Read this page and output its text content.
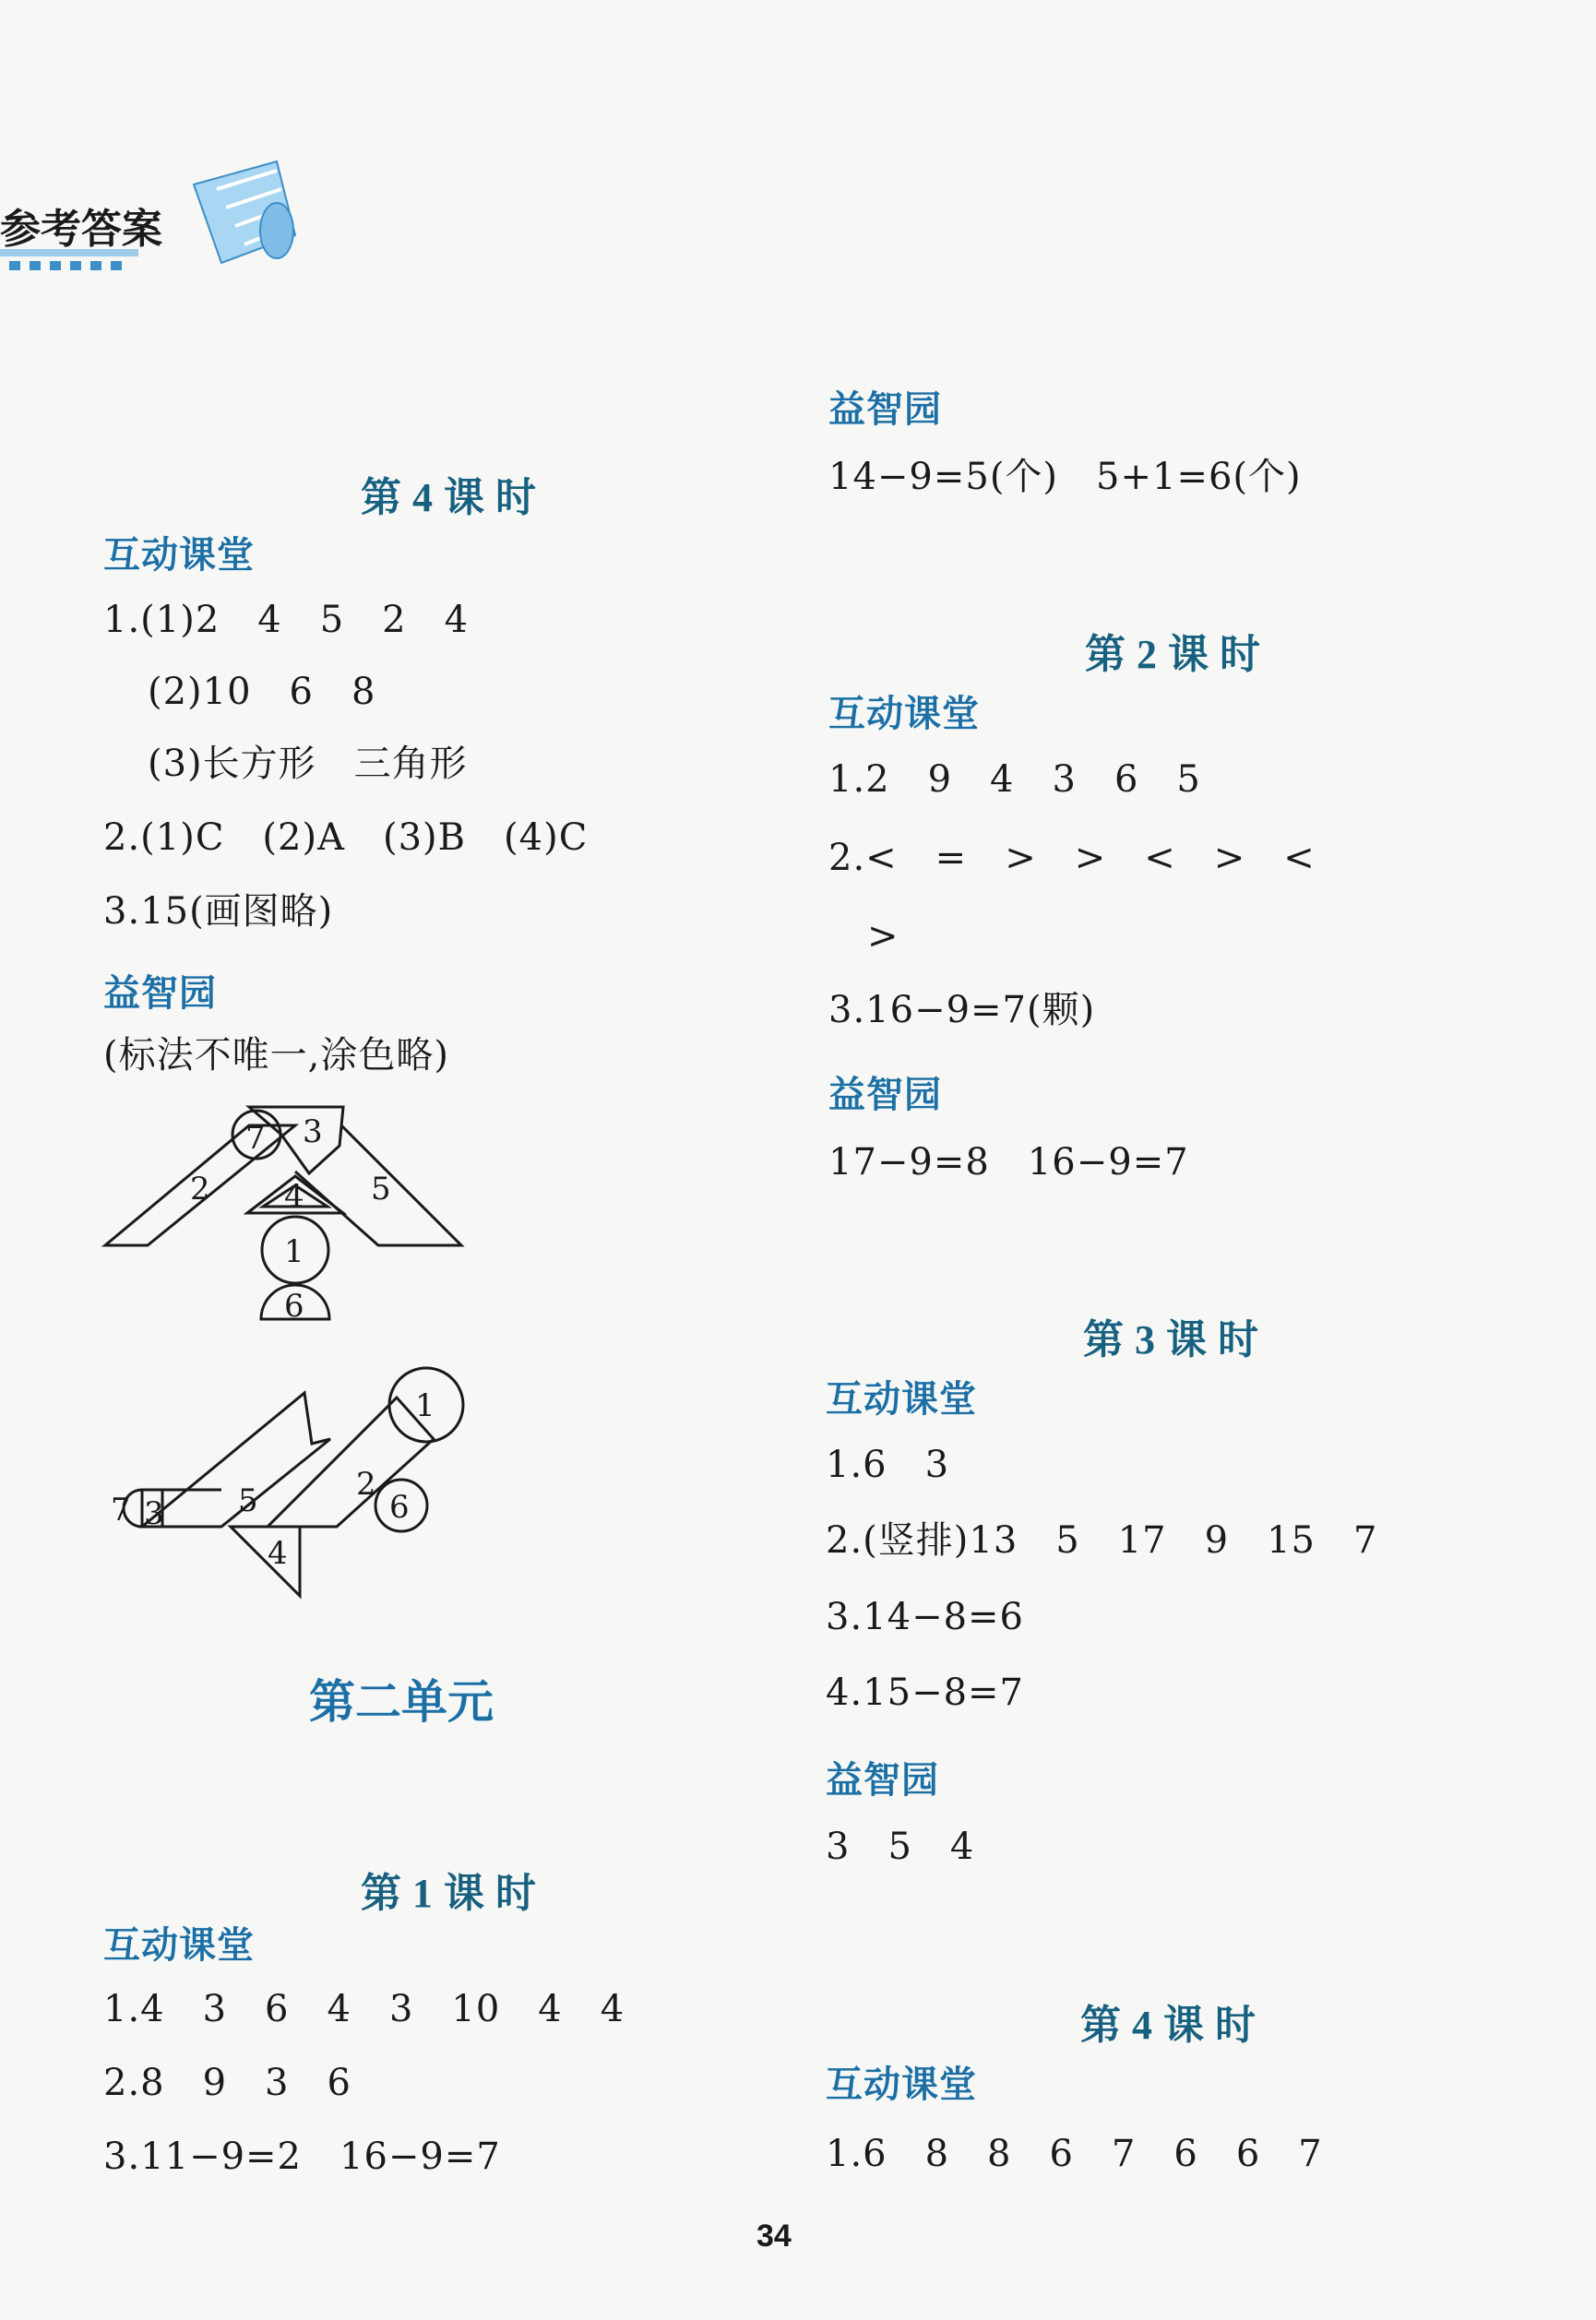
参考答案

第4课时

互动课堂
1.(1)2　4　5　2　4
(2)10　6　8
(3)长方形　三角形
2.(1)C　(2)A　(3)B　(4)C
3.15(画图略)
益智园
(标法不唯一,涂色略)
7 3
2 4 5
1
6
1
7 3 5	2
6
4
第二单元

第1课时

互动课堂
1.4　3　6　4　3　10　4　4
2.8　9　3　6
3.11−9=2　16−9=7
益智园
14−9=5(个)　5+1=6(个)

第2课时

互动课堂
1.2　9　4　3　6　5
2.<　=　>　>　<　>　<
>
3.16−9=7(颗)
益智园
17−9=8　16−9=7

第3课时

互动课堂
1.6　3
2.(竖排)13　5　17　9　15　7
3.14−8=6
4.15−8=7
益智园
3　5　4

第4课时

互动课堂
1.6　8　8　6　7　6　6　7
34
